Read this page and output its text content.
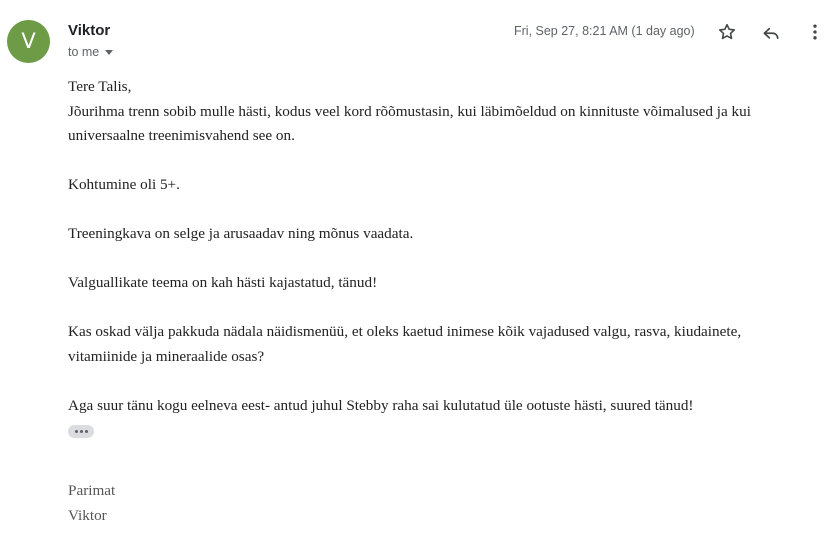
V	Viktor
to me
Fri, Sep 27, 8:21 AM (1 day ago)

Tere Talis,

Jõurihma trenn sobib mulle hästi, kodus veel kord rõõmustasin, kui läbimõeldud on kinnituste võimalused ja kui universaalne treenimisvahend see on.

Kohtumine oli 5+.

Treeningkava on selge ja arusaadav ning mõnus vaadata.

Valguallikate teema on kah hästi kajastatud, tänud!

Kas oskad välja pakkuda nädala näidismenüü, et oleks kaetud inimese kõik vajadused valgu, rasva, kiudainete, vitamiinide ja mineraalide osas?

Aga suur tänu kogu eelneva eest- antud juhul Stebby raha sai kulutatud üle ootuste hästi, suured tänud!

Parimat
Viktor
